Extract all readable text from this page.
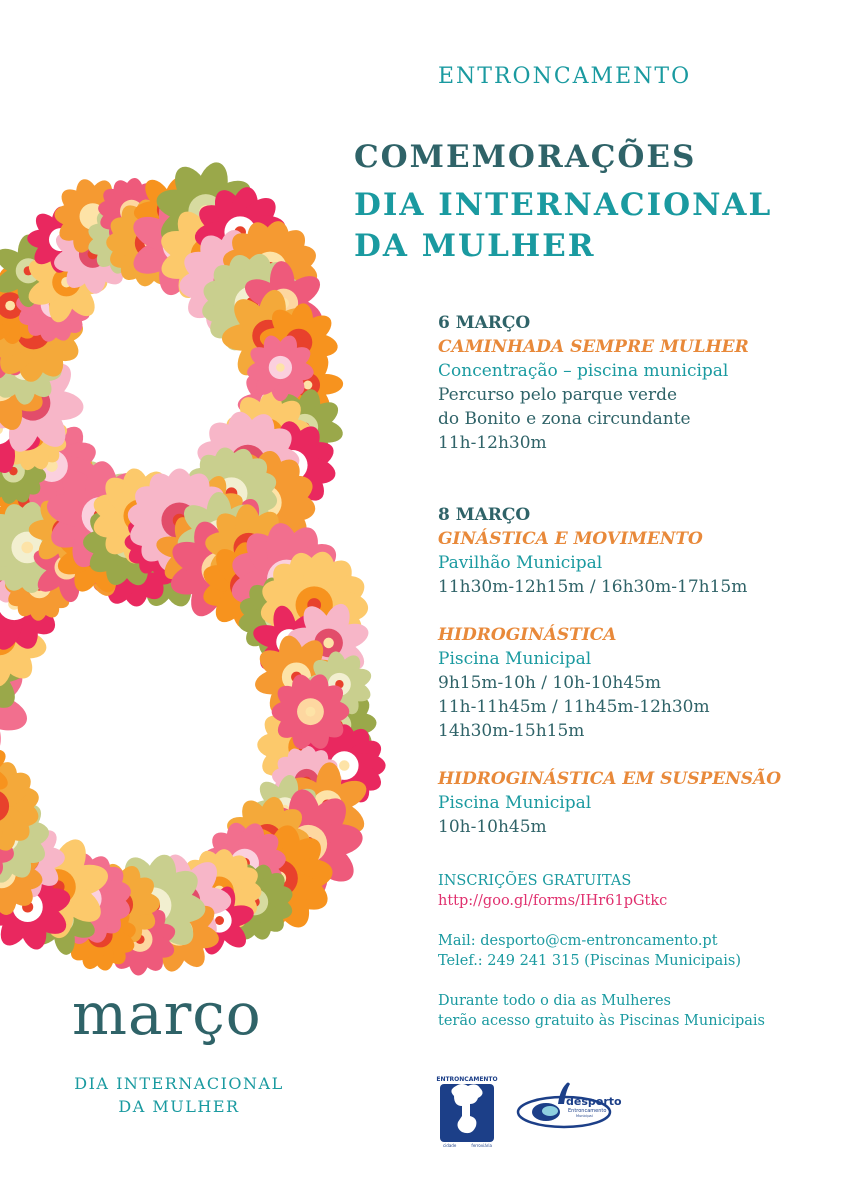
ENTRONCAMENTO
COMEMORAÇÕES
DIA INTERNACIONAL
DA MULHER
6 MARÇO
CAMINHADA SEMPRE MULHER
Concentração – piscina municipal
Percurso pelo parque verde
do Bonito e zona circundante
11h-12h30m
8 MARÇO
GINÁSTICA E MOVIMENTO
Pavilhão Municipal
11h30m-12h15m / 16h30m-17h15m
HIDROGINÁSTICA
Piscina Municipal
9h15m-10h / 10h-10h45m
11h-11h45m / 11h45m-12h30m
14h30m-15h15m
HIDROGINÁSTICA EM SUSPENSÃO
Piscina Municipal
10h-10h45m
INSCRIÇÕES GRATUITAS
http://goo.gl/forms/IHr61pGtkc
Mail: desporto@cm-entroncamento.pt
Telef.: 249 241 315 (Piscinas Municipais)
Durante todo o dia as Mulheres
terão acesso gratuito às Piscinas Municipais
março
DIA INTERNACIONAL
DA MULHER
ENTRONCAMENTO
cidade	ferroviária
desporto
Entroncamento
Municipal
